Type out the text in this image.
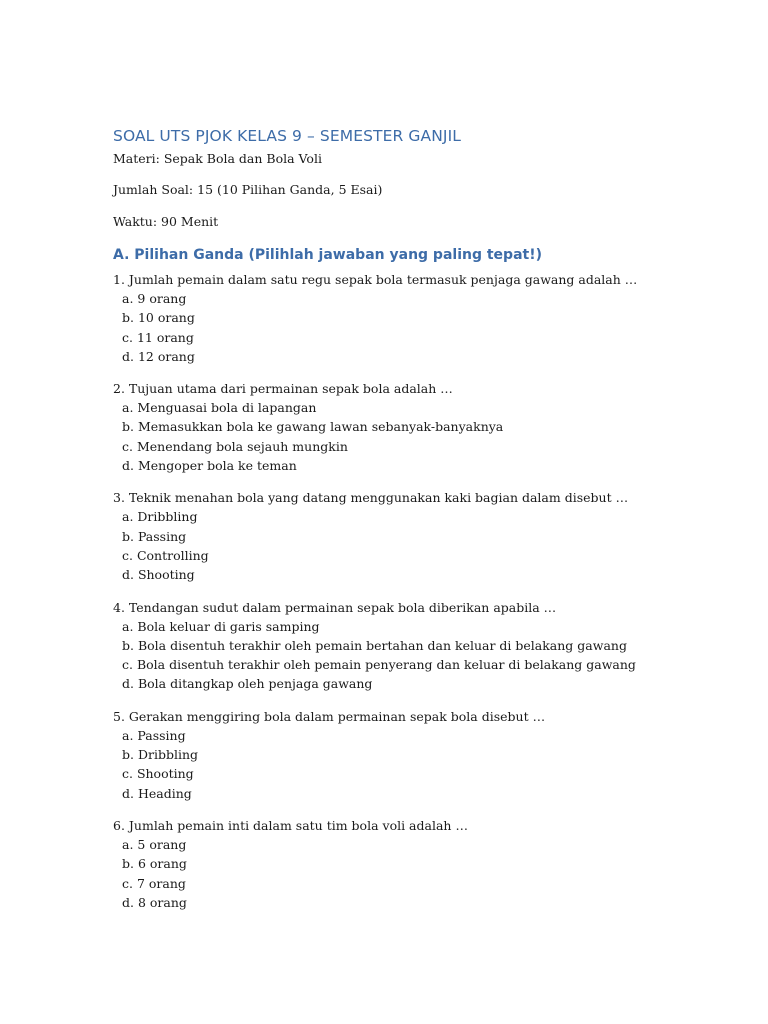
SOAL UTS PJOK KELAS 9 – SEMESTER GANJIL
Materi: Sepak Bola dan Bola Voli
Jumlah Soal: 15 (10 Pilihan Ganda, 5 Esai)
Waktu: 90 Menit
A. Pilihan Ganda (Pilihlah jawaban yang paling tepat!)
1. Jumlah pemain dalam satu regu sepak bola termasuk penjaga gawang adalah …
a. 9 orang
b. 10 orang
c. 11 orang
d. 12 orang
2. Tujuan utama dari permainan sepak bola adalah …
a. Menguasai bola di lapangan
b. Memasukkan bola ke gawang lawan sebanyak-banyaknya
c. Menendang bola sejauh mungkin
d. Mengoper bola ke teman
3. Teknik menahan bola yang datang menggunakan kaki bagian dalam disebut …
a. Dribbling
b. Passing
c. Controlling
d. Shooting
4. Tendangan sudut dalam permainan sepak bola diberikan apabila …
a. Bola keluar di garis samping
b. Bola disentuh terakhir oleh pemain bertahan dan keluar di belakang gawang
c. Bola disentuh terakhir oleh pemain penyerang dan keluar di belakang gawang
d. Bola ditangkap oleh penjaga gawang
5. Gerakan menggiring bola dalam permainan sepak bola disebut …
a. Passing
b. Dribbling
c. Shooting
d. Heading
6. Jumlah pemain inti dalam satu tim bola voli adalah …
a. 5 orang
b. 6 orang
c. 7 orang
d. 8 orang
